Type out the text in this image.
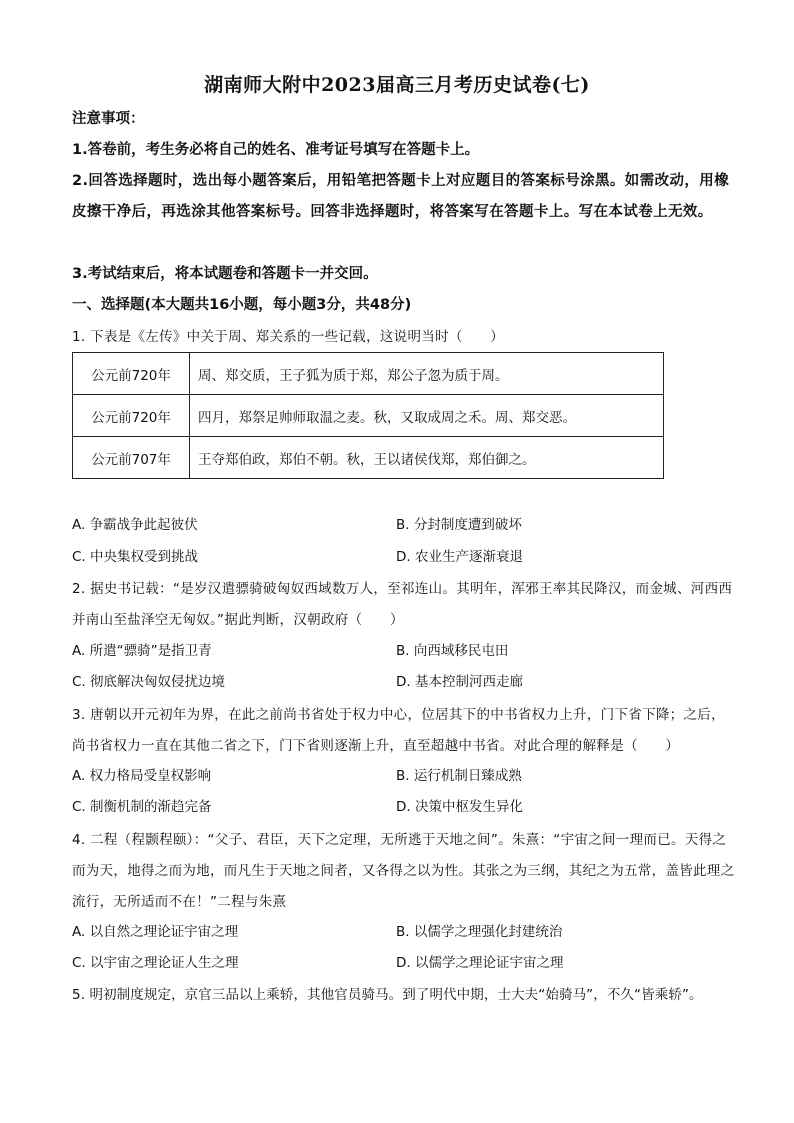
湖南师大附中2023届高三月考历史试卷(七)
注意事项：
1.答卷前，考生务必将自己的姓名、准考证号填写在答题卡上。
2.回答选择题时，选出每小题答案后，用铅笔把答题卡上对应题目的答案标号涂黑。如需改动，用橡皮擦干净后，再选涂其他答案标号。回答非选择题时，将答案写在答题卡上。写在本试卷上无效。
3.考试结束后，将本试题卷和答题卡一并交回。
一、选择题(本大题共16小题，每小题3分，共48分)
1. 下表是《左传》中关于周、郑关系的一些记载，这说明当时（　　）
公元前720年	周、郑交质，王子狐为质于郑，郑公子忽为质于周。
公元前720年	四月，郑祭足帅师取温之麦。秋，又取成周之禾。周、郑交恶。
公元前707年	王夺郑伯政，郑伯不朝。秋，王以诸侯伐郑，郑伯御之。
A. 争霸战争此起彼伏	B. 分封制度遭到破坏
C. 中央集权受到挑战	D. 农业生产逐渐衰退
2. 据史书记载：“是岁汉遣骠骑破匈奴西域数万人，至祁连山。其明年，浑邪王率其民降汉，而金城、河西西并南山至盐泽空无匈奴。”据此判断，汉朝政府（　　）
A. 所遣“骠骑”是指卫青	B. 向西域移民屯田
C. 彻底解决匈奴侵扰边境	D. 基本控制河西走廊
3. 唐朝以开元初年为界，在此之前尚书省处于权力中心，位居其下的中书省权力上升，门下省下降；之后，尚书省权力一直在其他二省之下，门下省则逐渐上升，直至超越中书省。对此合理的解释是（　　）
A. 权力格局受皇权影响	B. 运行机制日臻成熟
C. 制衡机制的渐趋完备	D. 决策中枢发生异化
4. 二程（程颢程颐）：“父子、君臣，天下之定理，无所逃于天地之间”。朱熹：“宇宙之间一理而已。天得之而为天，地得之而为地，而凡生于天地之间者，又各得之以为性。其张之为三纲，其纪之为五常，盖皆此理之流行，无所适而不在！”二程与朱熹
A. 以自然之理论证宇宙之理	B. 以儒学之理强化封建统治
C. 以宇宙之理论证人生之理	D. 以儒学之理论证宇宙之理
5. 明初制度规定，京官三品以上乘轿，其他官员骑马。到了明代中期，士大夫“始骑马”，不久“皆乘轿”。
